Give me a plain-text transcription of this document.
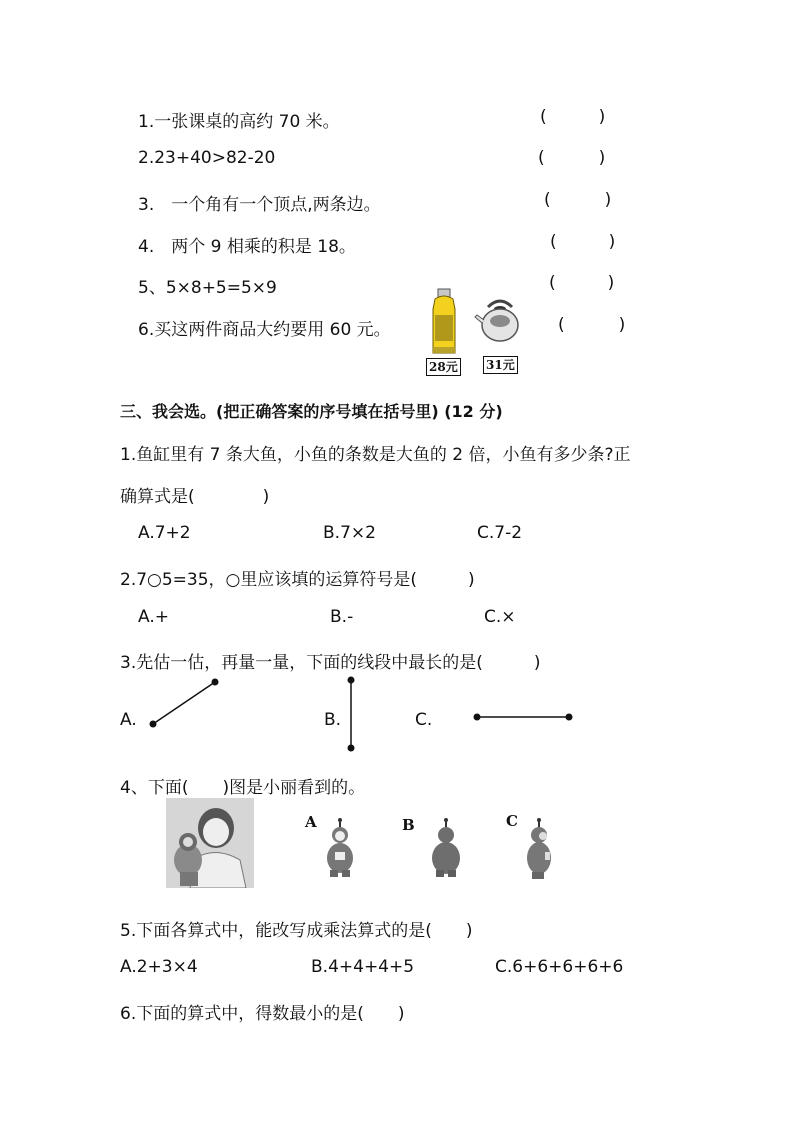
1.一张课桌的高约 70 米。	(	)
2.23+40>82-20	(	)
3.　一个角有一个顶点,两条边。	(	)
4.　两个 9 相乘的积是 18。	(	)
5、5×8+5=5×9	(	)
6.买这两件商品大约要用 60 元。	(	)
28元 31元
三、我会选。(把正确答案的序号填在括号里) (12 分)
1.鱼缸里有 7 条大鱼，小鱼的条数是大鱼的 2 倍，小鱼有多少条?正
确算式是(　　　　)
A.7+2	B.7×2	C.7-2
2.7○5=35，○里应该填的运算符号是(　　　)
A.+	B.-	C.×
3.先估一估，再量一量，下面的线段中最长的是(　　　)
A.	B.	C.
4、下面(　　)图是小丽看到的。
A	B	C
5.下面各算式中，能改写成乘法算式的是(　　)
A.2+3×4	B.4+4+4+5	C.6+6+6+6+6
6.下面的算式中，得数最小的是(　　)
